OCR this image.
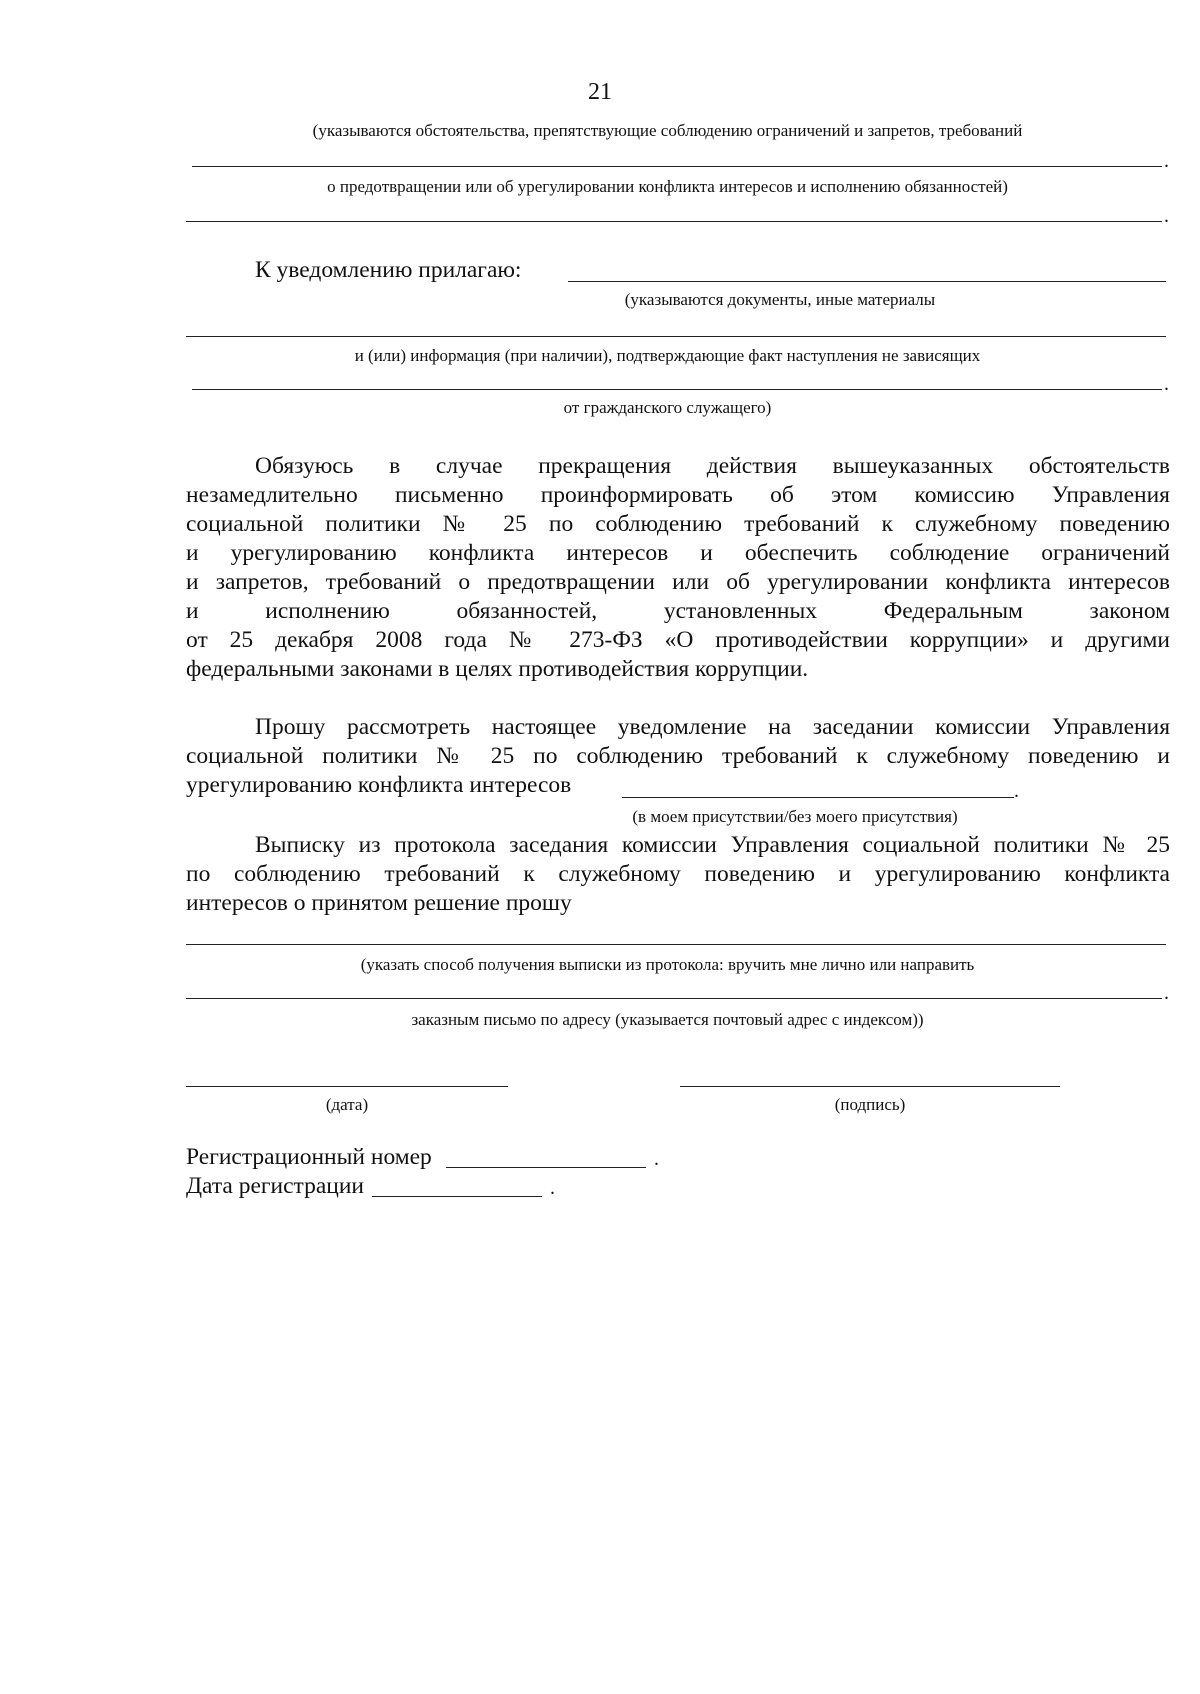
21
(указываются обстоятельства, препятствующие соблюдению ограничений и запретов, требований
.
о предотвращении или об урегулировании конфликта интересов и исполнению обязанностей)
.
К уведомлению прилагаю:
(указываются документы, иные материалы
и (или) информация (при наличии), подтверждающие факт наступления не зависящих
.
от гражданского служащего)
Обязуюсь в случае прекращения действия вышеуказанных обстоятельств
незамедлительно письменно проинформировать об этом комиссию Управления
социальной политики № 25 по соблюдению требований к служебному поведению
и урегулированию конфликта интересов и обеспечить соблюдение ограничений
и запретов, требований о предотвращении или об урегулировании конфликта интересов
и исполнению обязанностей, установленных Федеральным законом
от 25 декабря 2008 года № 273-ФЗ «О противодействии коррупции» и другими
федеральными законами в целях противодействия коррупции.
Прошу рассмотреть настоящее уведомление на заседании комиссии Управления
социальной политики № 25 по соблюдению требований к служебному поведению и
урегулированию конфликта интересов	.
(в моем присутствии/без моего присутствия)
Выписку из протокола заседания комиссии Управления социальной политики № 25
по соблюдению требований к служебному поведению и урегулированию конфликта
интересов о принятом решение прошу
(указать способ получения выписки из протокола: вручить мне лично или направить
.
заказным письмо по адресу (указывается почтовый адрес с индексом))
(дата)	(подпись)
Регистрационный номер	.
Дата регистрации	.
